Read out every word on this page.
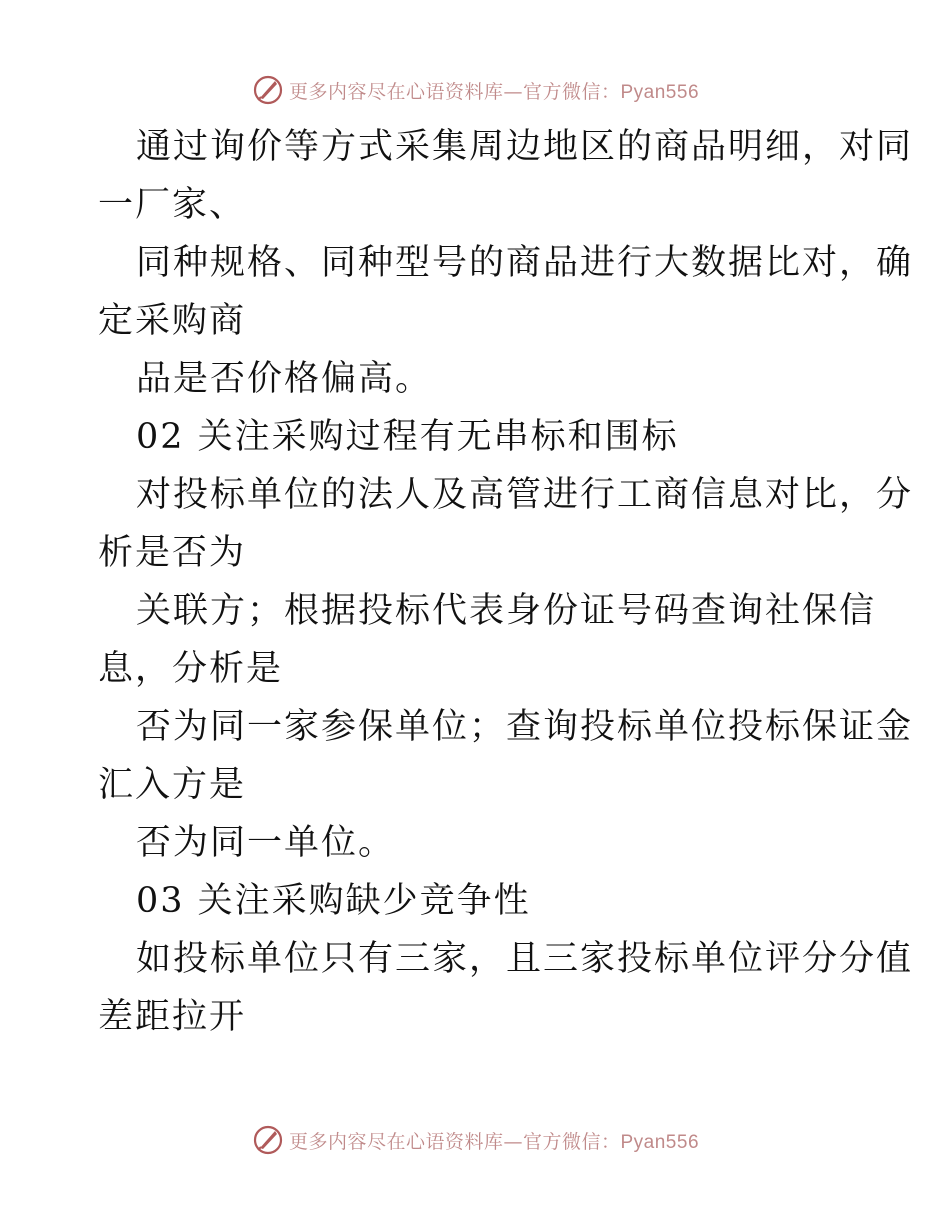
更多内容尽在心语资料库—官方微信：Pyan556
通过询价等方式采集周边地区的商品明细，对同
一厂家、
同种规格、同种型号的商品进行大数据比对，确
定采购商
品是否价格偏高。
02 关注采购过程有无串标和围标
对投标单位的法人及高管进行工商信息对比，分
析是否为
关联方；根据投标代表身份证号码查询社保信
息，分析是
否为同一家参保单位；查询投标单位投标保证金
汇入方是
否为同一单位。
03 关注采购缺少竞争性
如投标单位只有三家，且三家投标单位评分分值
差距拉开
更多内容尽在心语资料库—官方微信：Pyan556
